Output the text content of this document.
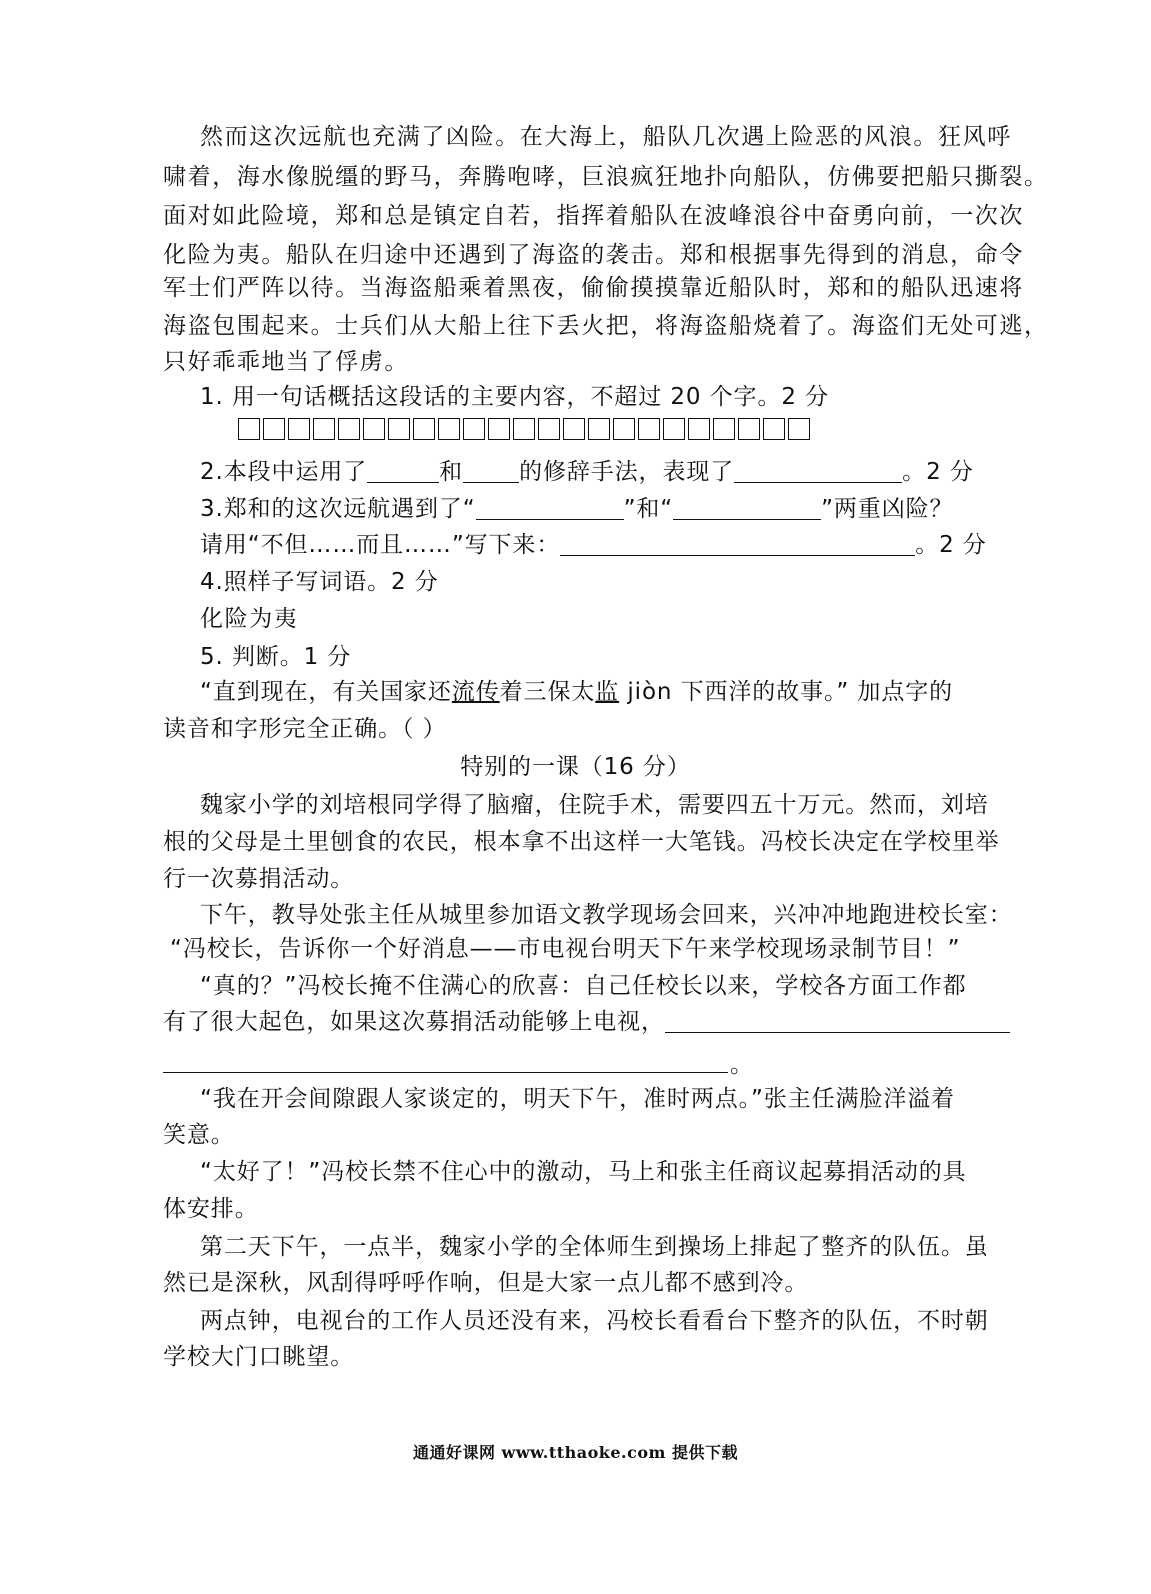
然而这次远航也充满了凶险。在大海上，船队几次遇上险恶的风浪。狂风呼
啸着，海水像脱缰的野马，奔腾咆哮，巨浪疯狂地扑向船队，仿佛要把船只撕裂。
面对如此险境，郑和总是镇定自若，指挥着船队在波峰浪谷中奋勇向前，一次次
化险为夷。船队在归途中还遇到了海盗的袭击。郑和根据事先得到的消息，命令
军士们严阵以待。当海盗船乘着黑夜，偷偷摸摸靠近船队时，郑和的船队迅速将
海盗包围起来。士兵们从大船上往下丢火把，将海盗船烧着了。海盗们无处可逃，
只好乖乖地当了俘虏。
1. 用一句话概括这段话的主要内容，不超过 20 个字。2 分
2.本段中运用了	和 的修辞手法，表现了	。2 分
3.郑和的这次远航遇到了“	”和“	”两重凶险？
请用“不但……而且……”写下来：	。2 分
4.照样子写词语。2 分
化险为夷
5. 判断。1 分
“直到现在，有关国家还流传着三保太监 jiòn 下西洋的故事。” 加点字的
读音和字形完全正确。（ ）
特别的一课（16 分）
魏家小学的刘培根同学得了脑瘤，住院手术，需要四五十万元。然而，刘培
根的父母是土里刨食的农民，根本拿不出这样一大笔钱。冯校长决定在学校里举
行一次募捐活动。
下午，教导处张主任从城里参加语文教学现场会回来，兴冲冲地跑进校长室：
“冯校长，告诉你一个好消息——市电视台明天下午来学校现场录制节目！”
“真的？”冯校长掩不住满心的欣喜：自己任校长以来，学校各方面工作都
有了很大起色，如果这次募捐活动能够上电视，
。
“我在开会间隙跟人家谈定的，明天下午，准时两点。”张主任满脸洋溢着
笑意。
“太好了！”冯校长禁不住心中的激动，马上和张主任商议起募捐活动的具
体安排。
第二天下午，一点半，魏家小学的全体师生到操场上排起了整齐的队伍。虽
然已是深秋，风刮得呼呼作响，但是大家一点儿都不感到冷。
两点钟，电视台的工作人员还没有来，冯校长看看台下整齐的队伍，不时朝
学校大门口眺望。
通通好课网 www.tthaoke.com 提供下载
